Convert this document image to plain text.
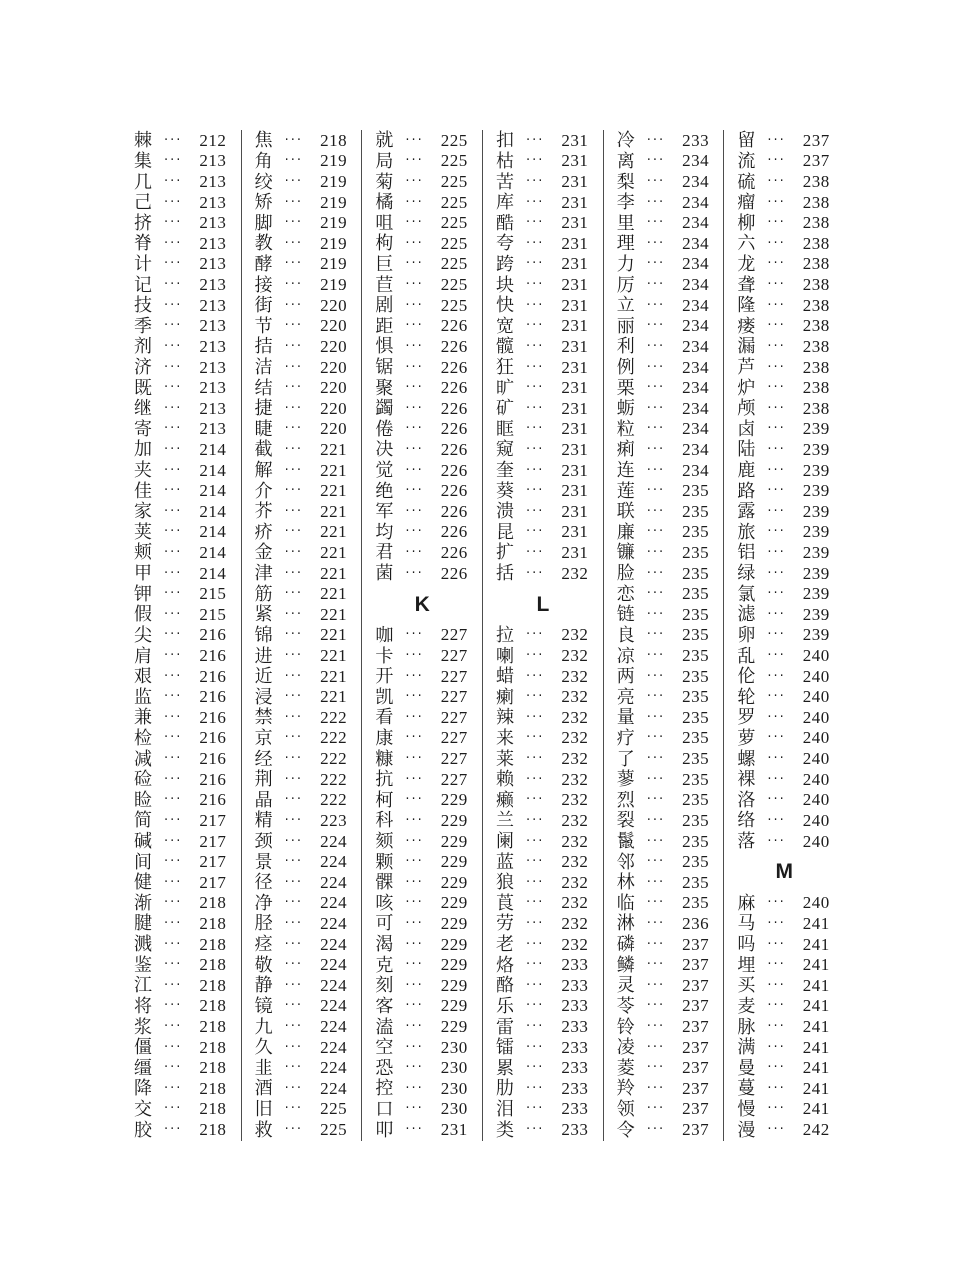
棘 ··· 212
集 ··· 213
几 ··· 213
己 ··· 213
挤 ··· 213
脊 ··· 213
计 ··· 213
记 ··· 213
技 ··· 213
季 ··· 213
剂 ··· 213
济 ··· 213
既 ··· 213
继 ··· 213
寄 ··· 213
加 ··· 214
夹 ··· 214
佳 ··· 214
家 ··· 214
荚 ··· 214
颊 ··· 214
甲 ··· 214
钾 ··· 215
假 ··· 215
尖 ··· 216
肩 ··· 216
艰 ··· 216
监 ··· 216
兼 ··· 216
检 ··· 216
减 ··· 216
硷 ··· 216
睑 ··· 216
简 ··· 217
碱 ··· 217
间 ··· 217
健 ··· 217
渐 ··· 218
腱 ··· 218
溅 ··· 218
鉴 ··· 218
江 ··· 218
将 ··· 218
浆 ··· 218
僵 ··· 218
缰 ··· 218
降 ··· 218
交 ··· 218
胶 ··· 218
焦 ··· 218
角 ··· 219
绞 ··· 219
矫 ··· 219
脚 ··· 219
教 ··· 219
酵 ··· 219
接 ··· 219
街 ··· 220
节 ··· 220
拮 ··· 220
洁 ··· 220
结 ··· 220
捷 ··· 220
睫 ··· 220
截 ··· 221
解 ··· 221
介 ··· 221
芥 ··· 221
疥 ··· 221
金 ··· 221
津 ··· 221
筋 ··· 221
紧 ··· 221
锦 ··· 221
进 ··· 221
近 ··· 221
浸 ··· 221
禁 ··· 222
京 ··· 222
经 ··· 222
荆 ··· 222
晶 ··· 222
精 ··· 223
颈 ··· 224
景 ··· 224
径 ··· 224
净 ··· 224
胫 ··· 224
痉 ··· 224
敬 ··· 224
静 ··· 224
镜 ··· 224
九 ··· 224
久 ··· 224
韭 ··· 224
酒 ··· 224
旧 ··· 225
救 ··· 225
就 ··· 225
局 ··· 225
菊 ··· 225
橘 ··· 225
咀 ··· 225
枸 ··· 225
巨 ··· 225
苣 ··· 225
剧 ··· 225
距 ··· 226
惧 ··· 226
锯 ··· 226
聚 ··· 226
蠲 ··· 226
倦 ··· 226
决 ··· 226
觉 ··· 226
绝 ··· 226
军 ··· 226
均 ··· 226
君 ··· 226
菌 ··· 226
K
咖 ··· 227
卡 ··· 227
开 ··· 227
凯 ··· 227
看 ··· 227
康 ··· 227
糠 ··· 227
抗 ··· 227
柯 ··· 229
科 ··· 229
颏 ··· 229
颗 ··· 229
髁 ··· 229
咳 ··· 229
可 ··· 229
渴 ··· 229
克 ··· 229
刻 ··· 229
客 ··· 229
溘 ··· 229
空 ··· 230
恐 ··· 230
控 ··· 230
口 ··· 230
叩 ··· 231
扣 ··· 231
枯 ··· 231
苦 ··· 231
库 ··· 231
酷 ··· 231
夸 ··· 231
跨 ··· 231
块 ··· 231
快 ··· 231
宽 ··· 231
髋 ··· 231
狂 ··· 231
旷 ··· 231
矿 ··· 231
眶 ··· 231
窥 ··· 231
奎 ··· 231
葵 ··· 231
溃 ··· 231
昆 ··· 231
扩 ··· 231
括 ··· 232
L
拉 ··· 232
喇 ··· 232
蜡 ··· 232
瘌 ··· 232
辣 ··· 232
来 ··· 232
莱 ··· 232
赖 ··· 232
癞 ··· 232
兰 ··· 232
阑 ··· 232
蓝 ··· 232
狼 ··· 232
莨 ··· 232
劳 ··· 232
老 ··· 232
烙 ··· 233
酪 ··· 233
乐 ··· 233
雷 ··· 233
镭 ··· 233
累 ··· 233
肋 ··· 233
泪 ··· 233
类 ··· 233
冷 ··· 233
离 ··· 234
梨 ··· 234
李 ··· 234
里 ··· 234
理 ··· 234
力 ··· 234
厉 ··· 234
立 ··· 234
丽 ··· 234
利 ··· 234
例 ··· 234
栗 ··· 234
蛎 ··· 234
粒 ··· 234
痢 ··· 234
连 ··· 234
莲 ··· 235
联 ··· 235
廉 ··· 235
镰 ··· 235
脸 ··· 235
恋 ··· 235
链 ··· 235
良 ··· 235
凉 ··· 235
两 ··· 235
亮 ··· 235
量 ··· 235
疗 ··· 235
了 ··· 235
蓼 ··· 235
烈 ··· 235
裂 ··· 235
鬣 ··· 235
邻 ··· 235
林 ··· 235
临 ··· 235
淋 ··· 236
磷 ··· 237
鳞 ··· 237
灵 ··· 237
苓 ··· 237
铃 ··· 237
凌 ··· 237
菱 ··· 237
羚 ··· 237
领 ··· 237
令 ··· 237
留 ··· 237
流 ··· 237
硫 ··· 238
瘤 ··· 238
柳 ··· 238
六 ··· 238
龙 ··· 238
聋 ··· 238
隆 ··· 238
瘘 ··· 238
漏 ··· 238
芦 ··· 238
炉 ··· 238
颅 ··· 238
卤 ··· 239
陆 ··· 239
鹿 ··· 239
路 ··· 239
露 ··· 239
旅 ··· 239
铝 ··· 239
绿 ··· 239
氯 ··· 239
滤 ··· 239
卵 ··· 239
乱 ··· 240
伦 ··· 240
轮 ··· 240
罗 ··· 240
萝 ··· 240
螺 ··· 240
裸 ··· 240
洛 ··· 240
络 ··· 240
落 ··· 240
M
麻 ··· 240
马 ··· 241
吗 ··· 241
埋 ··· 241
买 ··· 241
麦 ··· 241
脉 ··· 241
满 ··· 241
曼 ··· 241
蔓 ··· 241
慢 ··· 241
漫 ··· 242
